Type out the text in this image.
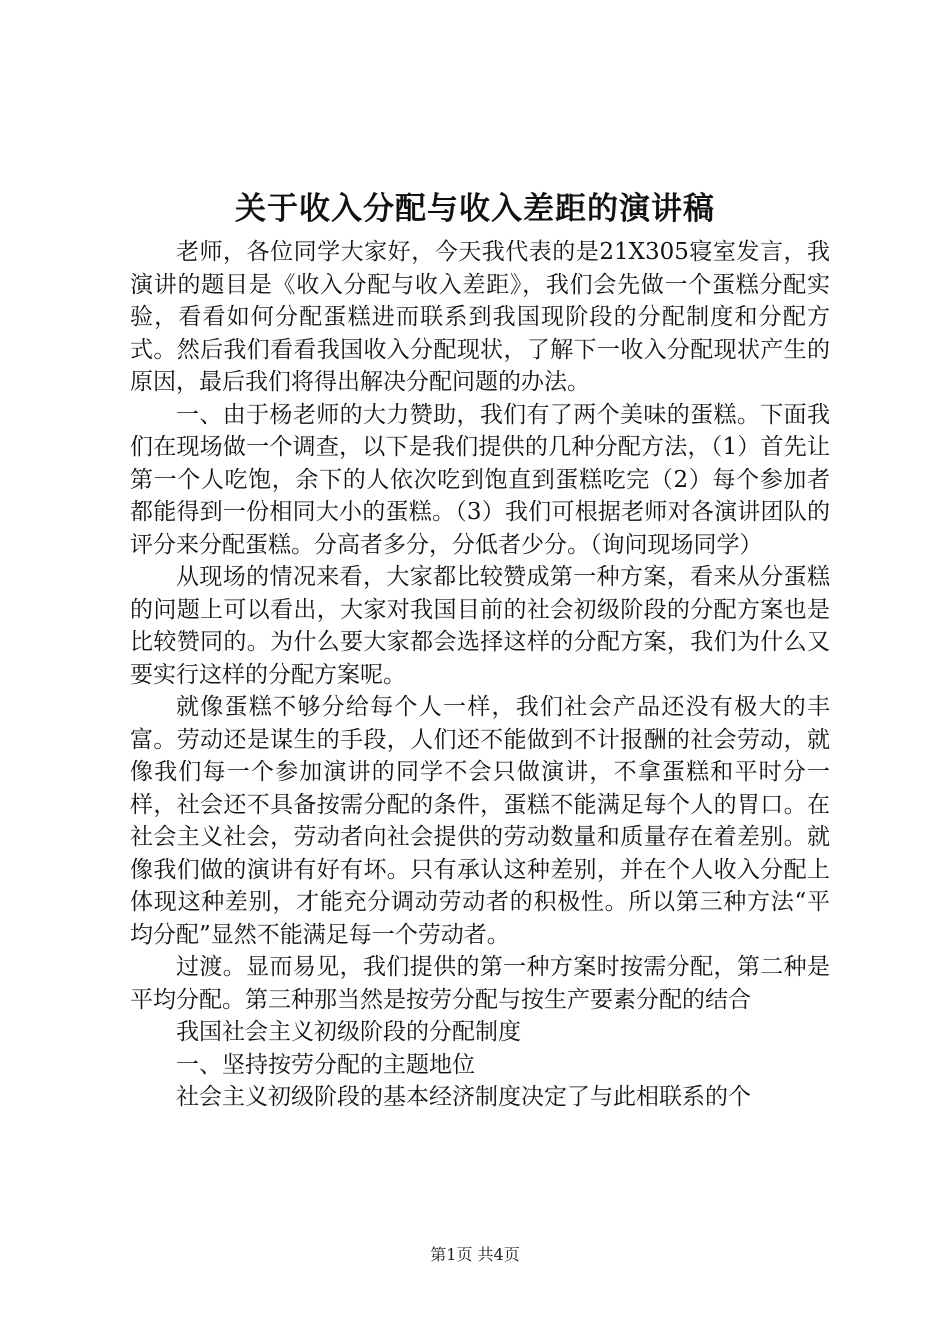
关于收入分配与收入差距的演讲稿

老师，各位同学大家好，今天我代表的是21X305寝室发言，我演讲的题目是《收入分配与收入差距》，我们会先做一个蛋糕分配实验，看看如何分配蛋糕进而联系到我国现阶段的分配制度和分配方式。然后我们看看我国收入分配现状，了解下一收入分配现状产生的原因，最后我们将得出解决分配问题的办法。

一、由于杨老师的大力赞助，我们有了两个美味的蛋糕。下面我们在现场做一个调查，以下是我们提供的几种分配方法，（1）首先让第一个人吃饱，余下的人依次吃到饱直到蛋糕吃完（2）每个参加者都能得到一份相同大小的蛋糕。（3）我们可根据老师对各演讲团队的评分来分配蛋糕。分高者多分，分低者少分。（询问现场同学）

从现场的情况来看，大家都比较赞成第一种方案，看来从分蛋糕的问题上可以看出，大家对我国目前的社会初级阶段的分配方案也是比较赞同的。为什么要大家都会选择这样的分配方案，我们为什么又要实行这样的分配方案呢。

就像蛋糕不够分给每个人一样，我们社会产品还没有极大的丰富。劳动还是谋生的手段，人们还不能做到不计报酬的社会劳动，就像我们每一个参加演讲的同学不会只做演讲，不拿蛋糕和平时分一样，社会还不具备按需分配的条件，蛋糕不能满足每个人的胃口。在社会主义社会，劳动者向社会提供的劳动数量和质量存在着差别。就像我们做的演讲有好有坏。只有承认这种差别，并在个人收入分配上体现这种差别，才能充分调动劳动者的积极性。所以第三种方法“平均分配”显然不能满足每一个劳动者。

过渡。显而易见，我们提供的第一种方案时按需分配，第二种是平均分配。第三种那当然是按劳分配与按生产要素分配的结合

我国社会主义初级阶段的分配制度

一、坚持按劳分配的主题地位

社会主义初级阶段的基本经济制度决定了与此相联系的个

第1页 共4页
